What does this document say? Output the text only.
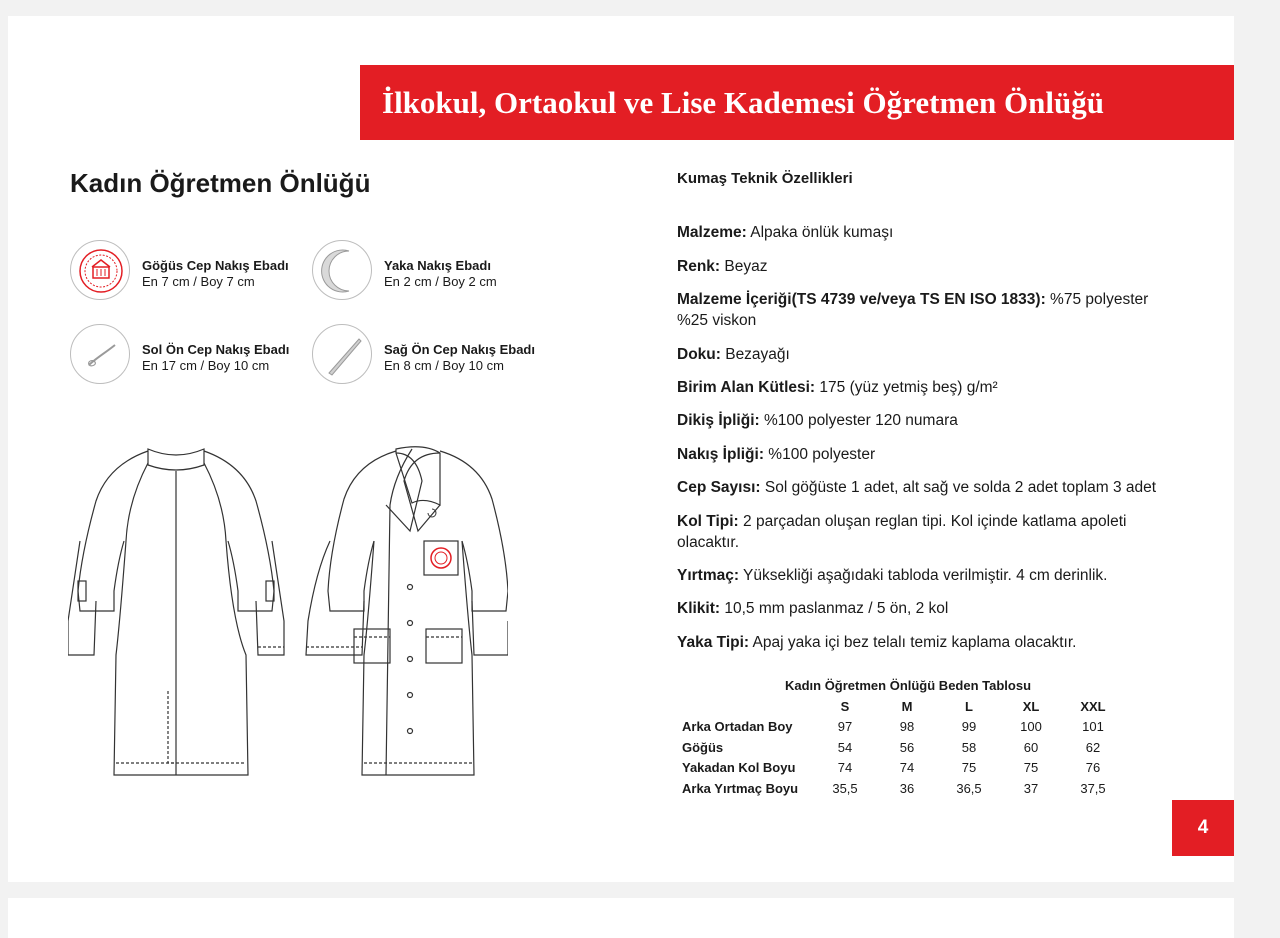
İlkokul, Ortaokul ve Lise Kademesi Öğretmen Önlüğü
Kadın Öğretmen Önlüğü
Göğüs Cep Nakış Ebadı
En 7 cm / Boy 7 cm
Yaka Nakış Ebadı
En 2 cm / Boy 2 cm
Sol Ön Cep Nakış Ebadı
En 17 cm / Boy 10 cm
Sağ Ön Cep Nakış Ebadı
En 8 cm / Boy 10 cm
Kumaş Teknik Özellikleri
Malzeme: Alpaka önlük kumaşı
Renk: Beyaz
Malzeme İçeriği(TS 4739 ve/veya TS EN ISO 1833): %75 polyester %25 viskon
Doku: Bezayağı
Birim Alan Kütlesi: 175 (yüz yetmiş beş) g/m²
Dikiş İpliği: %100 polyester 120 numara
Nakış İpliği: %100 polyester
Cep Sayısı: Sol göğüste 1 adet, alt sağ ve solda 2 adet toplam 3 adet
Kol Tipi: 2 parçadan oluşan reglan tipi. Kol içinde katlama apoleti olacaktır.
Yırtmaç: Yüksekliği aşağıdaki tabloda verilmiştir. 4 cm derinlik.
Klikit: 10,5 mm paslanmaz / 5 ön, 2 kol
Yaka Tipi: Apaj yaka içi bez telalı temiz kaplama olacaktır.
Kadın Öğretmen Önlüğü Beden Tablosu
	S	M	L	XL	XXL
Arka Ortadan Boy	97	98	99	100	101
Göğüs	54	56	58	60	62
Yakadan Kol Boyu	74	74	75	75	76
Arka Yırtmaç Boyu	35,5	36	36,5	37	37,5
4
